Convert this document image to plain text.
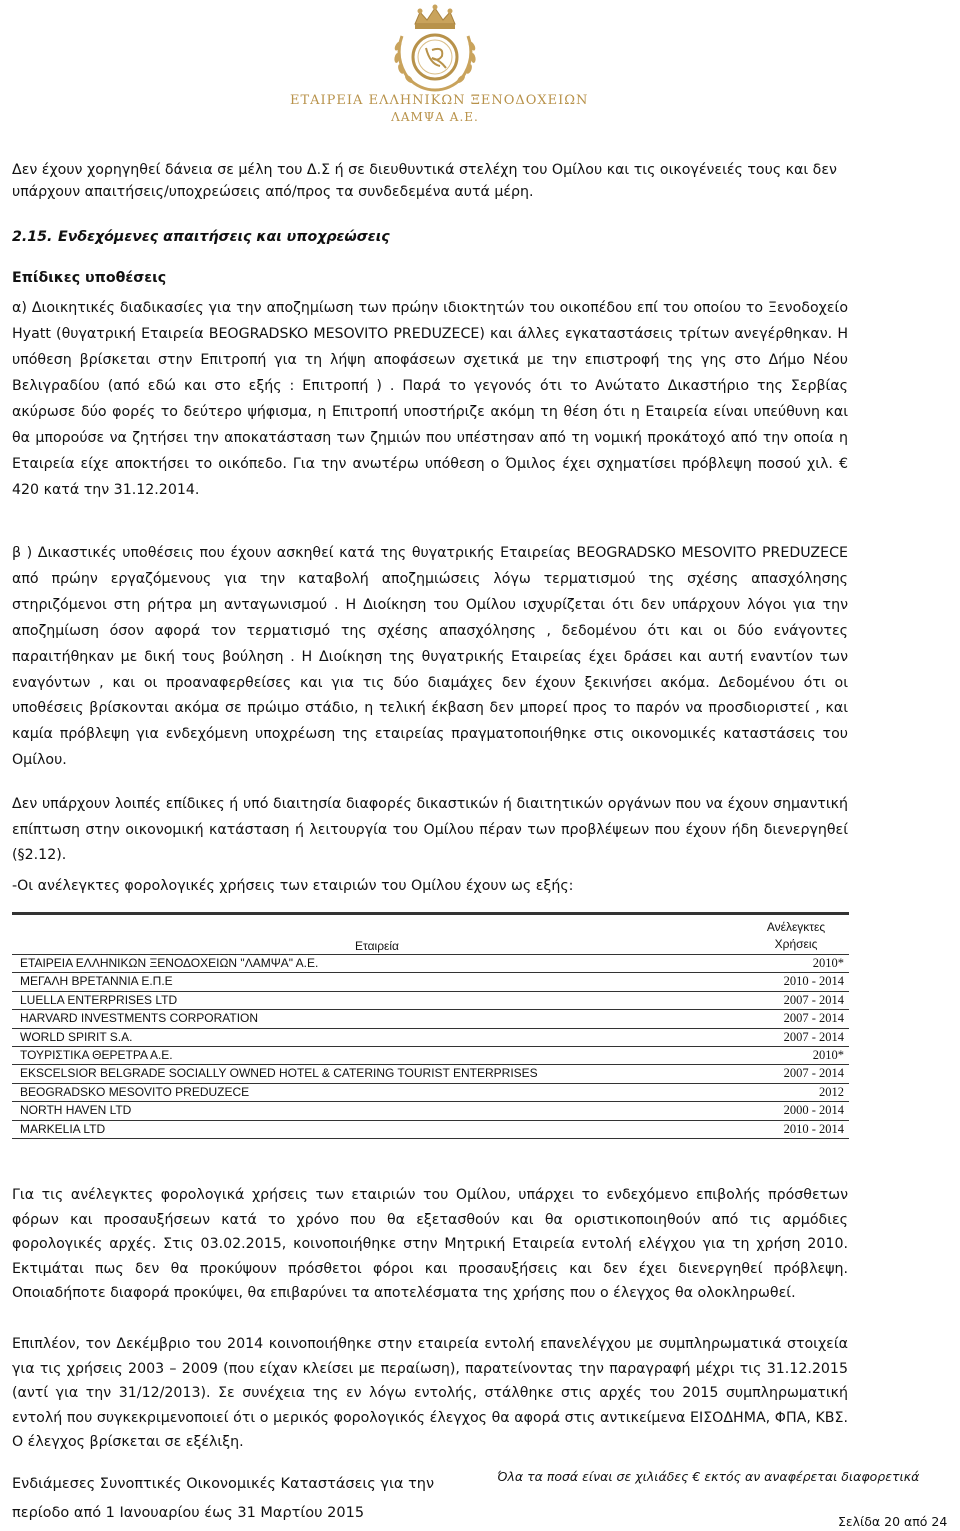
ΕΤΑΙΡΕΙΑ ΕΛΛΗΝΙΚΩΝ ΞΕΝΟΔΟΧΕΙΩΝ
ΛΑΜΨΑ Α.Ε.

Δεν έχουν χορηγηθεί δάνεια σε μέλη του Δ.Σ ή σε διευθυντικά στελέχη του Ομίλου και τις οικογένειές τους και δεν υπάρχουν απαιτήσεις/υποχρεώσεις από/προς τα συνδεδεμένα αυτά μέρη.

2.15. Ενδεχόμενες απαιτήσεις και υποχρεώσεις
Επίδικες υποθέσεις

α) Διοικητικές διαδικασίες για την αποζημίωση των πρώην ιδιοκτητών του οικοπέδου επί του οποίου το Ξενοδοχείο Hyatt (θυγατρική Εταιρεία BEOGRADSKO MESOVITO PREDUZECE) και άλλες εγκαταστάσεις τρίτων ανεγέρθηκαν. Η υπόθεση βρίσκεται στην Επιτροπή για τη λήψη αποφάσεων σχετικά με την επιστροφή της γης στο Δήμο Νέου Βελιγραδίου (από εδώ και στο εξής : Επιτροπή ) . Παρά το γεγονός ότι το Ανώτατο Δικαστήριο της Σερβίας ακύρωσε δύο φορές το δεύτερο ψήφισμα, η Επιτροπή υποστήριζε ακόμη τη θέση ότι η Εταιρεία είναι υπεύθυνη και θα μπορούσε να ζητήσει την αποκατάσταση των ζημιών που υπέστησαν από τη νομική προκάτοχό από την οποία η Εταιρεία είχε αποκτήσει το οικόπεδο. Για την ανωτέρω υπόθεση ο Όμιλος έχει σχηματίσει πρόβλεψη ποσού χιλ. € 420 κατά την 31.12.2014.

β ) Δικαστικές υποθέσεις που έχουν ασκηθεί κατά της θυγατρικής Εταιρείας BEOGRADSKO MESOVITO PREDUZECE από πρώην εργαζόμενους για την καταβολή αποζημιώσεις λόγω τερματισμού της σχέσης απασχόλησης στηριζόμενοι στη ρήτρα μη ανταγωνισμού . Η Διοίκηση του Ομίλου ισχυρίζεται ότι δεν υπάρχουν λόγοι για την αποζημίωση όσον αφορά τον τερματισμό της σχέσης απασχόλησης , δεδομένου ότι και οι δύο ενάγοντες παραιτήθηκαν με δική τους βούληση . Η Διοίκηση της θυγατρικής Εταιρείας έχει δράσει και αυτή εναντίον των εναγόντων , και οι προαναφερθείσες και για τις δύο διαμάχες δεν έχουν ξεκινήσει ακόμα. Δεδομένου ότι οι υποθέσεις βρίσκονται ακόμα σε πρώιμο στάδιο, η τελική έκβαση δεν μπορεί προς το παρόν να προσδιοριστεί , και καμία πρόβλεψη για ενδεχόμενη υποχρέωση της εταιρείας πραγματοποιήθηκε στις οικονομικές καταστάσεις του Ομίλου.

Δεν υπάρχουν λοιπές επίδικες ή υπό διαιτησία διαφορές δικαστικών ή διαιτητικών οργάνων που να έχουν σημαντική επίπτωση στην οικονομική κατάσταση ή λειτουργία του Ομίλου πέραν των προβλέψεων που έχουν ήδη διενεργηθεί (§2.12).

-Οι ανέλεγκτες φορολογικές χρήσεις των εταιριών του Ομίλου έχουν ως εξής:

Εταιρεία
Ανέλεγκτες
Χρήσεις
ΕΤΑΙΡΕΙΑ ΕΛΛΗΝΙΚΩΝ ΞΕΝΟΔΟΧΕΙΩΝ "ΛΑΜΨΑ" Α.Ε.	2010*
ΜΕΓΑΛΗ ΒΡΕΤΑΝΝΙΑ Ε.Π.Ε	2010 - 2014
LUELLA ENTERPRISES LTD	2007 - 2014
HARVARD INVESTMENTS CORPORATION	2007 - 2014
WORLD SPIRIT S.A.	2007 - 2014
ΤΟΥΡΙΣΤΙΚΑ ΘΕΡΕΤΡΑ Α.Ε.	2010*
EKSCELSIOR BELGRADE SOCIALLY OWNED HOTEL & CATERING TOURIST ENTERPRISES	2007 - 2014
BEOGRADSKO MESOVITO PREDUZECE	2012
NORTH HAVEN LTD	2000 - 2014
MARKELIA LTD	2010 - 2014

Για τις ανέλεγκτες φορολογικά χρήσεις των εταιριών του Ομίλου, υπάρχει το ενδεχόμενο επιβολής πρόσθετων φόρων και προσαυξήσεων κατά το χρόνο που θα εξετασθούν και θα οριστικοποιηθούν από τις αρμόδιες φορολογικές αρχές. Στις 03.02.2015, κοινοποιήθηκε στην Μητρική Εταιρεία εντολή ελέγχου για τη χρήση 2010. Εκτιμάται πως δεν θα προκύψουν πρόσθετοι φόροι και προσαυξήσεις και δεν έχει διενεργηθεί πρόβλεψη. Οποιαδήποτε διαφορά προκύψει, θα επιβαρύνει τα αποτελέσματα της χρήσης που ο έλεγχος θα ολοκληρωθεί.

Επιπλέον, τον Δεκέμβριο του 2014 κοινοποιήθηκε στην εταιρεία εντολή επανελέγχου με συμπληρωματικά στοιχεία για τις χρήσεις 2003 – 2009 (που είχαν κλείσει με περαίωση), παρατείνοντας την παραγραφή μέχρι τις 31.12.2015 (αντί για την 31/12/2013). Σε συνέχεια της εν λόγω εντολής, στάλθηκε στις αρχές του 2015 συμπληρωματική εντολή που συγκεκριμενοποιεί ότι ο μερικός φορολογικός έλεγχος θα αφορά στις αντικείμενα ΕΙΣΟΔΗΜΑ, ΦΠΑ, ΚΒΣ. Ο έλεγχος βρίσκεται σε εξέλιξη.

Ενδιάμεσες Συνοπτικές Οικονομικές Καταστάσεις για την
περίοδο από 1 Ιανουαρίου έως 31 Μαρτίου 2015
Όλα τα ποσά είναι σε χιλιάδες € εκτός αν αναφέρεται διαφορετικά
Σελίδα 20 από 24
